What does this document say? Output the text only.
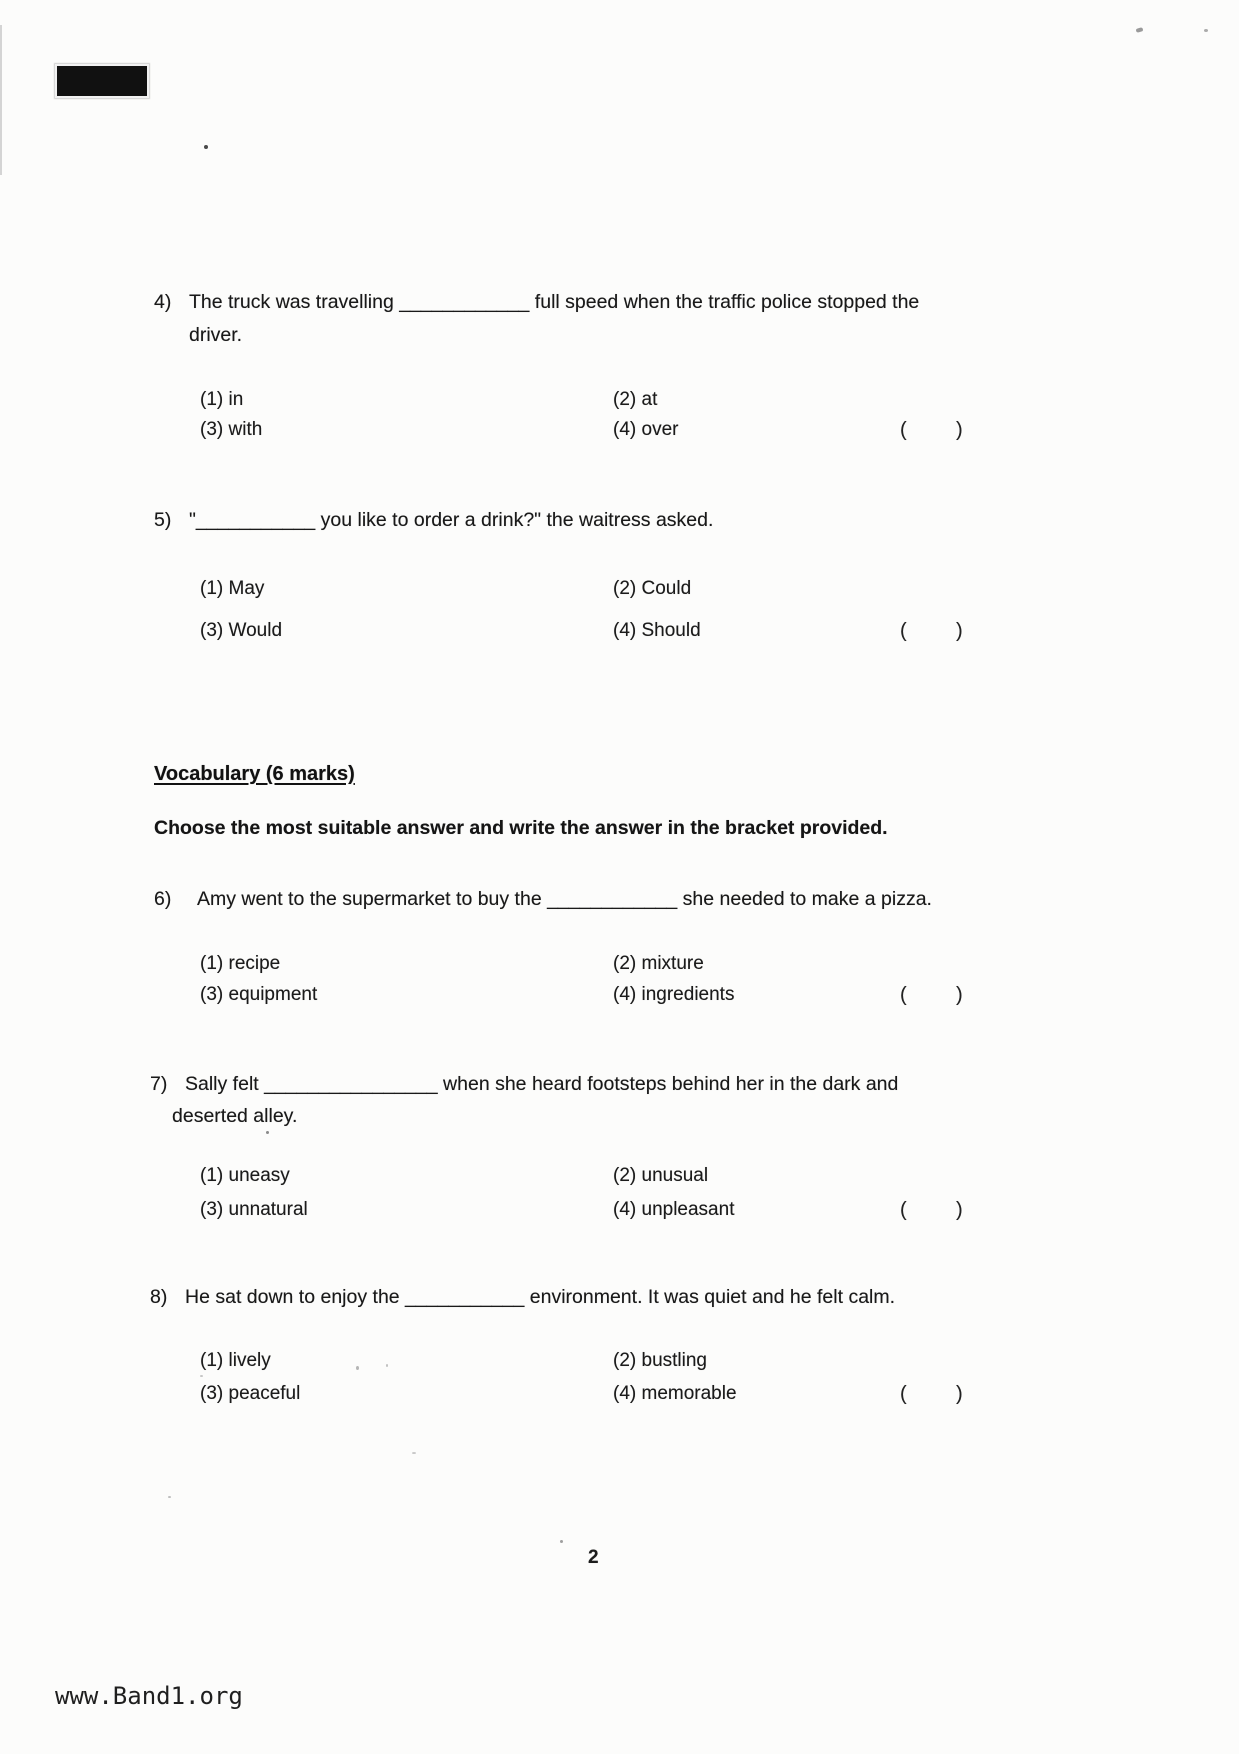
4) The truck was travelling ____________ full speed when the traffic police stopped the
driver.
(1) in	(2) at
(3) with	(4) over	( )
5) "___________ you like to order a drink?" the waitress asked.
(1) May	(2) Could
(3) Would	(4) Should	( )
Vocabulary (6 marks)
Choose the most suitable answer and write the answer in the bracket provided.
6) Amy went to the supermarket to buy the ____________ she needed to make a pizza.
(1) recipe	(2) mixture
(3) equipment	(4) ingredients	( )
7) Sally felt ________________ when she heard footsteps behind her in the dark and
deserted alley.
(1) uneasy	(2) unusual
(3) unnatural	(4) unpleasant	( )
8) He sat down to enjoy the ___________ environment. It was quiet and he felt calm.
(1) lively	(2) bustling
(3) peaceful	(4) memorable	( )
2
www.Band1.org
